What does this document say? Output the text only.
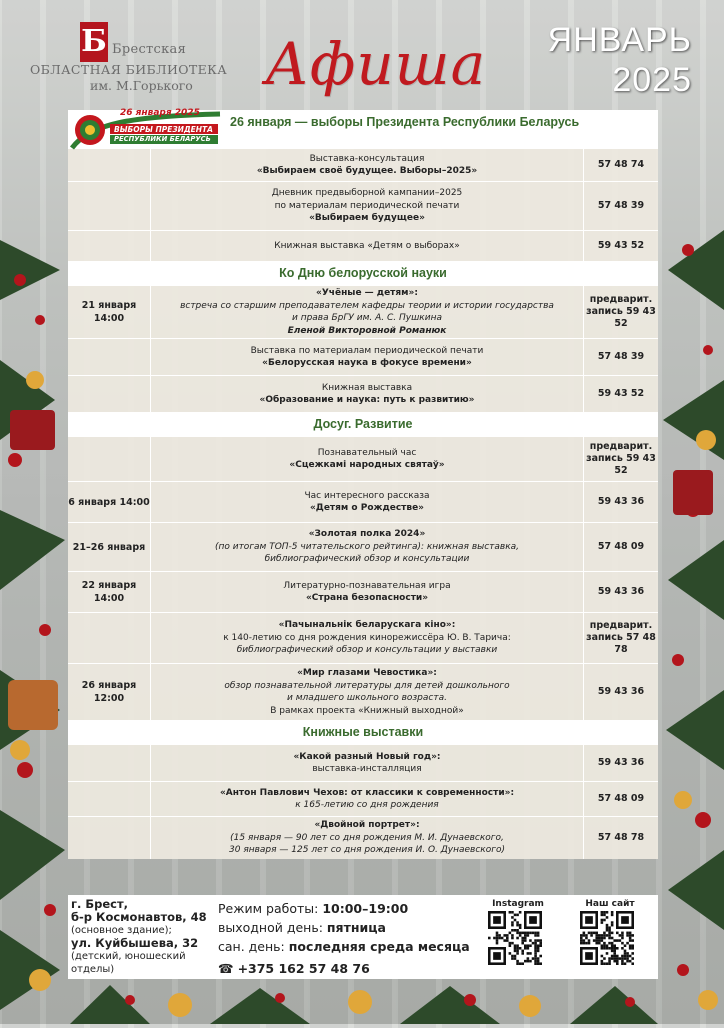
Б Брестская
ОБЛАСТНАЯ БИБЛИОТЕКА
им. М.Горького Афиша ЯНВАРЬ
2025
26 января 2025
ВЫБОРЫ ПРЕЗИДЕНТА
РЕСПУБЛИКИ БЕЛАРУСЬ
26 января — выборы Президента Республики Беларусь
Выставка-консультация
«Выбираем своё будущее. Выборы–2025»
57 48 74
Дневник предвыборной кампании–2025
по материалам периодической печати
«Выбираем будущее»
57 48 39
Книжная выставка «Детям о выборах»	59 43 52
Ко Дню белорусской науки
21 января 14:00
«Учёные — детям»:
встреча со старшим преподавателем кафедры теории и истории государства
и права БрГУ им. А. С. Пушкина
Еленой Викторовной Романюк
предварит. запись 59 43 52
Выставка по материалам периодической печати
«Белорусская наука в фокусе времени»
57 48 39
Книжная выставка
«Образование и наука: путь к развитию»
59 43 52
Досуг. Развитие
Познавательный час
«Сцежкамі народных святаў»
предварит. запись 59 43 52
6 января 14:00
Час интересного рассказа
«Детям о Рождестве»
59 43 36
21–26 января
«Золотая полка 2024»
(по итогам ТОП-5 читательского рейтинга): книжная выставка,
библиографический обзор и консультации
57 48 09
22 января 14:00
Литературно-познавательная игра
«Страна безопасности»
59 43 36
«Пачынальнік беларускага кіно»:
к 140-летию со дня рождения кинорежиссёра Ю. В. Тарича:
библиографический обзор и консультации у выставки
предварит. запись 57 48 78
26 января 12:00
«Мир глазами Чевостика»:
обзор познавательной литературы для детей дошкольного
и младшего школьного возраста.
В рамках проекта «Книжный выходной»
59 43 36
Книжные выставки
«Какой разный Новый год»:
выставка-инсталляция
59 43 36
«Антон Павлович Чехов: от классики к современности»:
к 165-летию со дня рождения
57 48 09
«Двойной портрет»:
(15 января — 90 лет со дня рождения М. И. Дунаевского,
30 января — 125 лет со дня рождения И. О. Дунаевского)
57 48 78
г. Брест,
б-р Космонавтов, 48
(основное здание);
ул. Куйбышева, 32
(детский, юношеский отделы)
Режим работы: 10:00–19:00
выходной день: пятница
сан. день: последняя среда месяца
☎ +375 162 57 48 76
Instagram	Наш сайт
